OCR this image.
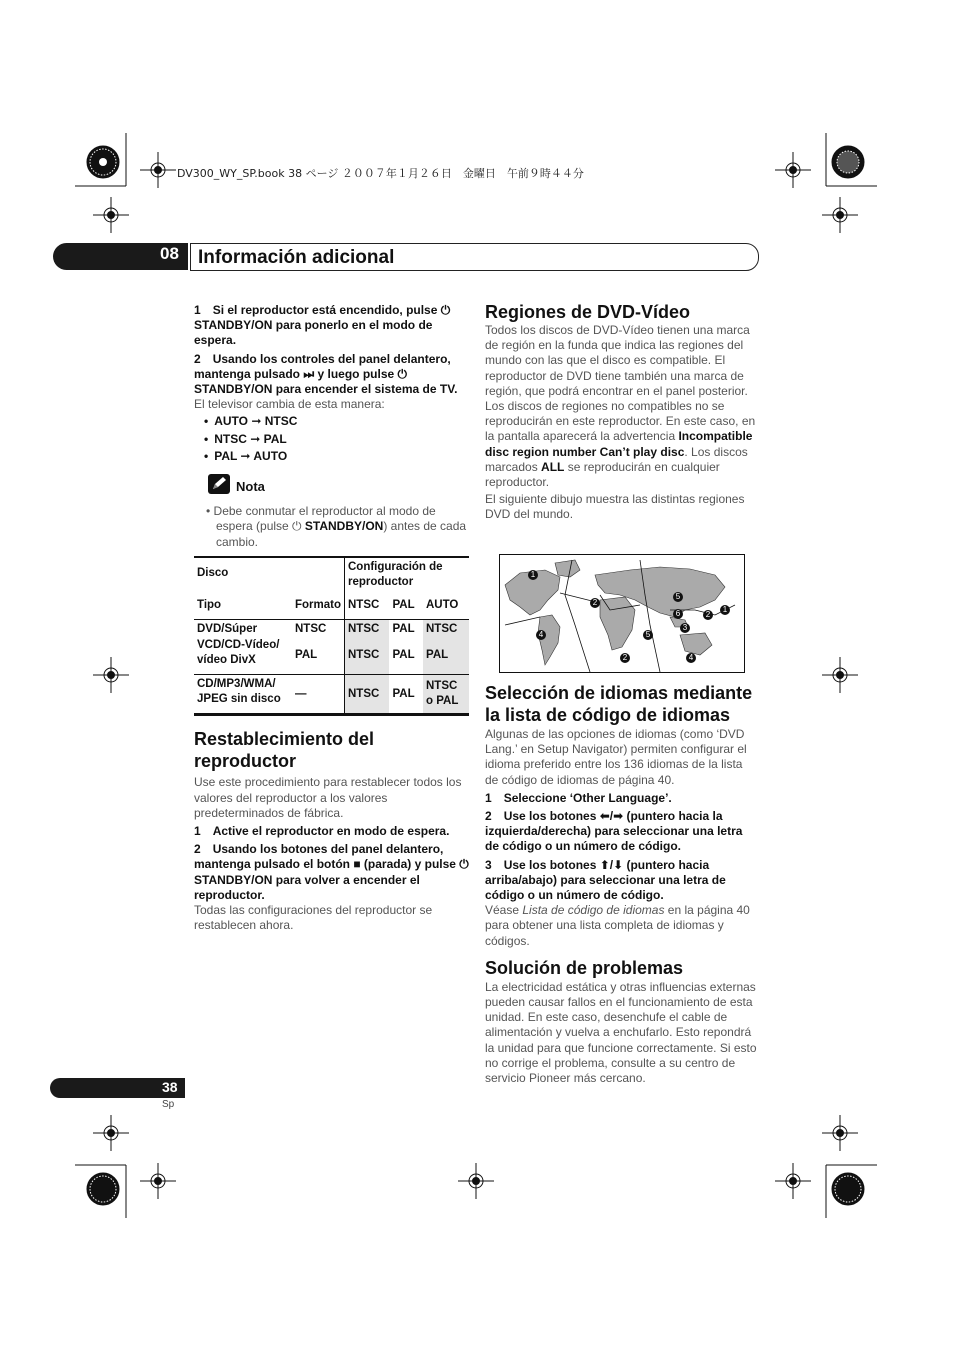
DV300_WY_SP.book 38 ページ ２００７年１月２６日　金曜日　午前９時４４分
08 Información adicional

1 Si el reproductor está encendido, pulse ⏻ STANDBY/ON para ponerlo en el modo de espera.

2 Usando los controles del panel delantero, mantenga pulsado ⏭ y luego pulse ⏻ STANDBY/ON para encender el sistema de TV.

El televisor cambia de esta manera:

• AUTO ➞ NTSC
• NTSC ➞ PAL
• PAL ➞ AUTO
Nota

• Debe conmutar el reproductor al modo de espera (pulse ⏻ STANDBY/ON) antes de cada cambio.

Disco		Configuración de reproductor		
Tipo	Formato	NTSC	PAL	AUTO
DVD/Súper VCD/CD-Vídeo/ vídeo DivX	NTSC	NTSC	PAL	NTSC
	PAL	NTSC	PAL	PAL
CD/MP3/WMA/ JPEG sin disco	—	NTSC	PAL	NTSC o PAL
Restablecimiento del reproductor

Use este procedimiento para restablecer todos los valores del reproductor a los valores predeterminados de fábrica.

1 Active el reproductor en modo de espera.

2 Usando los botones del panel delantero, mantenga pulsado el botón ■ (parada) y pulse ⏻ STANDBY/ON para volver a encender el reproductor.

Todas las configuraciones del reproductor se restablecen ahora.

Regiones de DVD-Vídeo

Todos los discos de DVD-Vídeo tienen una marca de región en la funda que indica las regiones del mundo con las que el disco es compatible. El reproductor de DVD tiene también una marca de región, que podrá encontrar en el panel posterior. Los discos de regiones no compatibles no se reproducirán en este reproductor. En este caso, en la pantalla aparecerá la advertencia Incompatible disc region number Can’t play disc. Los discos marcados ALL se reproducirán en cualquier reproductor.

El siguiente dibujo muestra las distintas regiones DVD del mundo.

1
1
2
2
2
3
4
4
5
5
6
Selección de idiomas mediante la lista de código de idiomas

Algunas de las opciones de idiomas (como ‘DVD Lang.’ en Setup Navigator) permiten configurar el idioma preferido entre los 136 idiomas de la lista de código de idiomas de página 40.

1 Seleccione ‘Other Language’.

2 Use los botones ⬅/➡ (puntero hacia la izquierda/derecha) para seleccionar una letra de código o un número de código.

3 Use los botones ⬆/⬇ (puntero hacia arriba/abajo) para seleccionar una letra de código o un número de código.

Véase Lista de código de idiomas en la página 40 para obtener una lista completa de idiomas y códigos.

Solución de problemas

La electricidad estática y otras influencias externas pueden causar fallos en el funcionamiento de esta unidad. En este caso, desenchufe el cable de alimentación y vuelva a enchufarlo. Esto repondrá la unidad para que funcione correctamente. Si esto no corrige el problema, consulte a su centro de servicio Pioneer más cercano.

38
Sp
